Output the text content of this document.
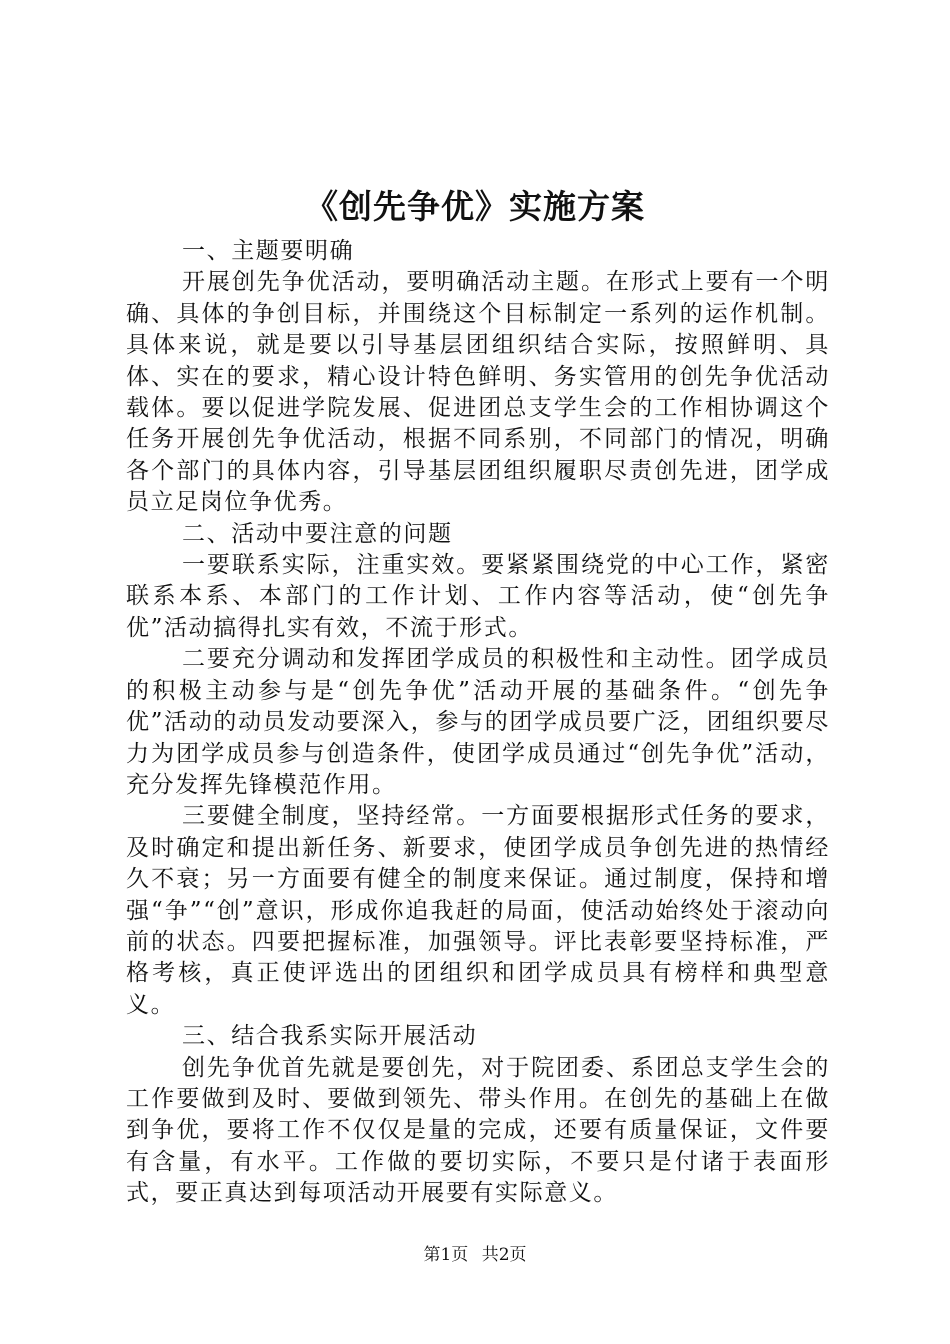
《创先争优》实施方案

一、主题要明确

开展创先争优活动，要明确活动主题。在形式上要有一个明确、具体的争创目标，并围绕这个目标制定一系列的运作机制。具体来说，就是要以引导基层团组织结合实际，按照鲜明、具体、实在的要求，精心设计特色鲜明、务实管用的创先争优活动载体。要以促进学院发展、促进团总支学生会的工作相协调这个任务开展创先争优活动，根据不同系别，不同部门的情况，明确各个部门的具体内容，引导基层团组织履职尽责创先进，团学成员立足岗位争优秀。

二、活动中要注意的问题

一要联系实际，注重实效。要紧紧围绕党的中心工作，紧密联系本系、本部门的工作计划、工作内容等活动，使“创先争优”活动搞得扎实有效，不流于形式。

二要充分调动和发挥团学成员的积极性和主动性。团学成员的积极主动参与是“创先争优”活动开展的基础条件。“创先争优”活动的动员发动要深入，参与的团学成员要广泛，团组织要尽力为团学成员参与创造条件，使团学成员通过“创先争优”活动，充分发挥先锋模范作用。

三要健全制度，坚持经常。一方面要根据形式任务的要求，及时确定和提出新任务、新要求，使团学成员争创先进的热情经久不衰；另一方面要有健全的制度来保证。通过制度，保持和增强“争”“创”意识，形成你追我赶的局面，使活动始终处于滚动向前的状态。四要把握标准，加强领导。评比表彰要坚持标准，严格考核，真正使评选出的团组织和团学成员具有榜样和典型意义。

三、结合我系实际开展活动

创先争优首先就是要创先，对于院团委、系团总支学生会的工作要做到及时、要做到领先、带头作用。在创先的基础上在做到争优，要将工作不仅仅是量的完成，还要有质量保证，文件要有含量，有水平。工作做的要切实际，不要只是付诸于表面形式，要正真达到每项活动开展要有实际意义。

第1页 共2页
